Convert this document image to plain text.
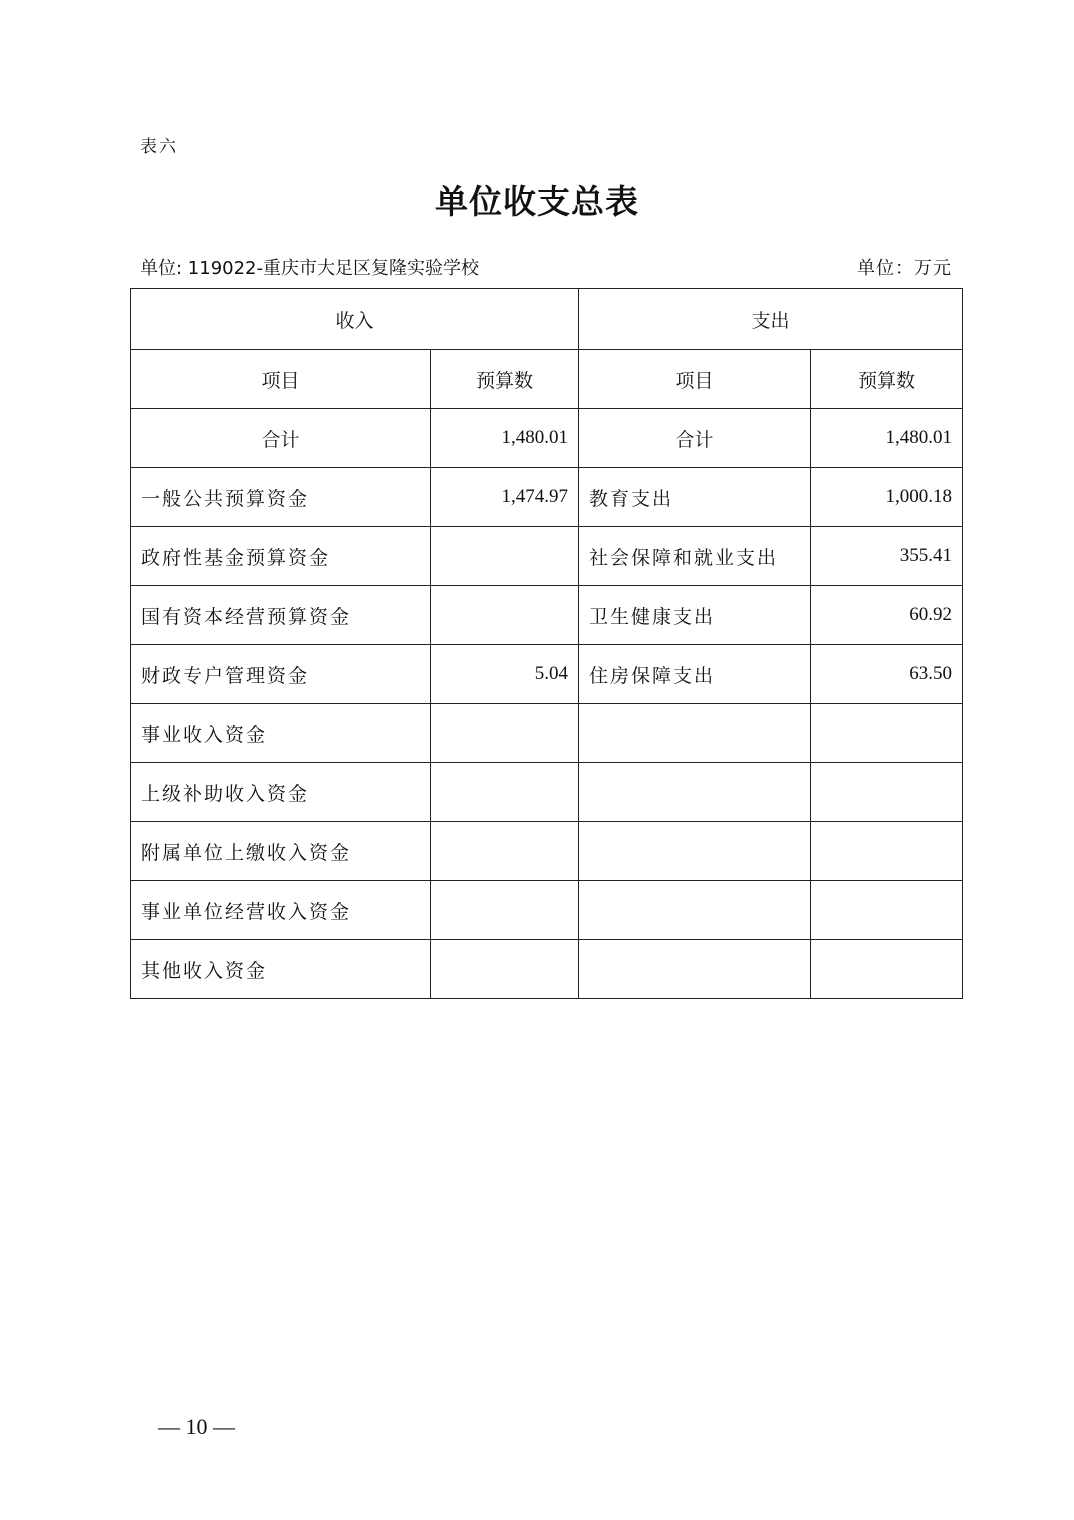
表六
单位收支总表
单位: 119022-重庆市大足区复隆实验学校	单位：万元
收入		支出	
项目	预算数	项目	预算数
合计	1,480.01	合计	1,480.01
一般公共预算资金	1,474.97	教育支出	1,000.18
政府性基金预算资金		社会保障和就业支出	355.41
国有资本经营预算资金		卫生健康支出	60.92
财政专户管理资金	5.04	住房保障支出	63.50
事业收入资金			
上级补助收入资金			
附属单位上缴收入资金			
事业单位经营收入资金			
其他收入资金			
— 10 —
